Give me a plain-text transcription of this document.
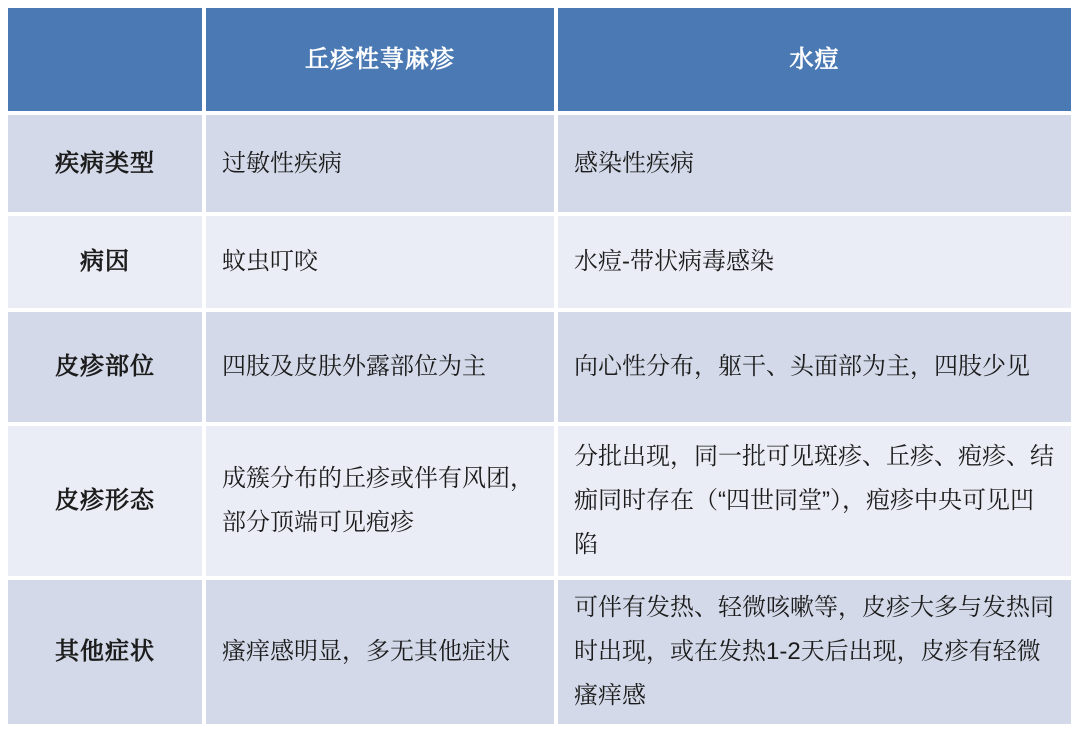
	丘疹性荨麻疹	水痘
疾病类型	过敏性疾病	感染性疾病
病因	蚊虫叮咬	水痘-带状病毒感染
皮疹部位	四肢及皮肤外露部位为主	向心性分布，躯干、头面部为主，四肢少见
皮疹形态	成簇分布的丘疹或伴有风团，部分顶端可见疱疹	分批出现，同一批可见斑疹、丘疹、疱疹、结痂同时存在（“四世同堂”），疱疹中央可见凹陷
其他症状	瘙痒感明显，多无其他症状	可伴有发热、轻微咳嗽等，皮疹大多与发热同时出现，或在发热1-2天后出现，皮疹有轻微瘙痒感
